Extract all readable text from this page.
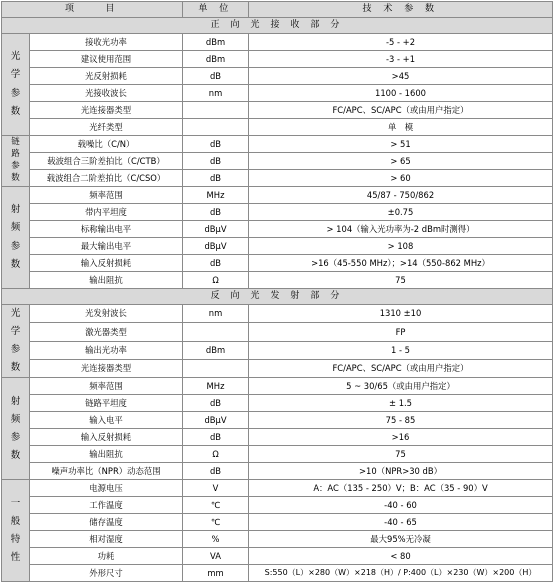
项　　目		单 位	技 术 参 数
正 向 光 接 收 部 分			
光
学
参
数	接收光功率	dBm	-5 - +2
	建议使用范围	dBm	-3 - +1
	光反射损耗	dB	>45
	光接收波长	nm	1100 - 1600
	光连接器类型		FC/APC、SC/APC（或由用户指定）
	光纤类型		单　模
链
路
参
数	载噪比（C/N）	dB	> 51
	载波组合三阶差拍比（C/CTB）	dB	> 65
	载波组合二阶差拍比（C/CSO）	dB	> 60
射
频
参
数	频率范围	MHz	45/87 - 750/862
	带内平坦度	dB	±0.75
	标称输出电平	dBμV	> 104（输入光功率为-2 dBm时测得）
	最大输出电平	dBμV	> 108
	输入反射损耗	dB	>16（45-550 MHz）；>14（550-862 MHz）
	输出阻抗	Ω	75
反 向 光 发 射 部 分			
光
学
参
数	光发射波长	nm	1310 ±10
	激光器类型		FP
	输出光功率	dBm	1 - 5
	光连接器类型		FC/APC、SC/APC（或由用户指定）
射
频
参
数	频率范围	MHz	5 ~ 30/65（或由用户指定）
	链路平坦度	dB	± 1.5
	输入电平	dBμV	75 - 85
	输入反射损耗	dB	>16
	输出阻抗	Ω	75
	噪声功率比（NPR）动态范围	dB	>10（NPR>30 dB）
一
般
特
性	电源电压	V	A：AC（135 - 250）V；B：AC（35 - 90）V
	工作温度	℃	-40 - 60
	储存温度	℃	-40 - 65
	相对湿度	%	最大95%无冷凝
	功耗	VA	< 80
	外形尺寸	mm	S:550（L）×280（W）×218（H）/ P:400（L）×230（W）×200（H）
